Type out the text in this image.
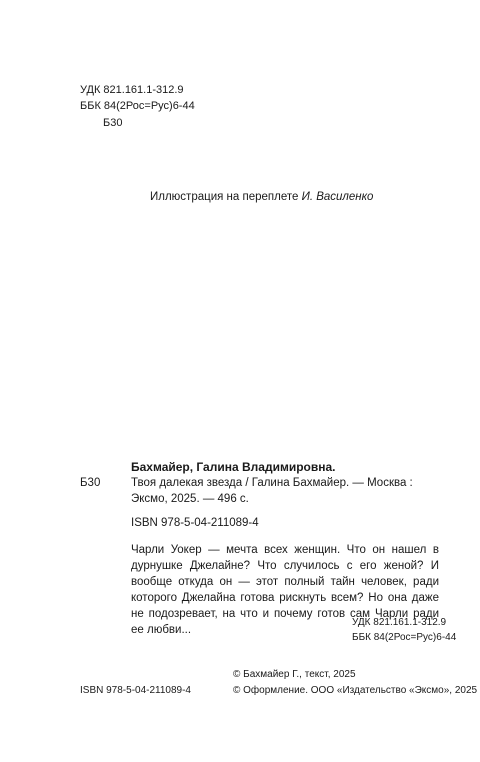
УДК 821.161.1-312.9
ББК 84(2Рос=Рус)6-44
Б30
Иллюстрация на переплете И. Василенко
Бахмайер, Галина Владимировна.
Б30	Твоя далекая звезда / Галина Бахмайер. — Москва :
Эксмо, 2025. — 496 с.
ISBN 978-5-04-211089-4
Чарли Уокер — мечта всех женщин. Что он нашел в дурнушке Джелайне? Что случилось с его женой? И вообще откуда он — этот полный тайн человек, ради которого Джелайна готова рискнуть всем? Но она даже не подозревает, на что и почему готов сам Чарли ради ее любви...
УДК 821.161.1-312.9
ББК 84(2Рос=Рус)6-44
© Бахмайер Г., текст, 2025
ISBN 978-5-04-211089-4	© Оформление. ООО «Издательство «Эксмо», 2025
